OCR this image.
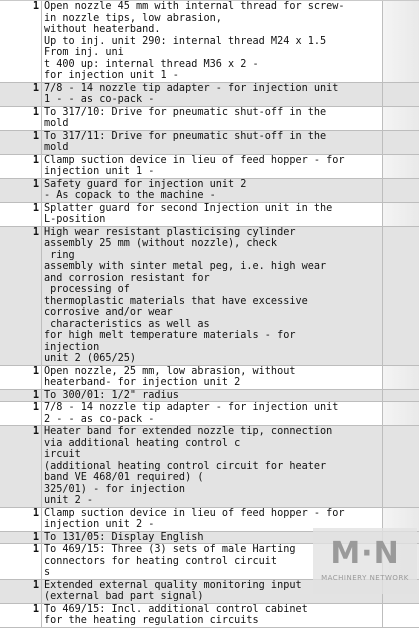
1 Open nozzle 45 mm with internal thread for screw-
in nozzle tips, low abrasion,
without heaterband.
Up to inj. unit 290: internal thread M24 x 1.5
From inj. uni
t 400 up: internal thread M36 x 2 -
for injection unit 1 -
1 7/8 - 14 nozzle tip adapter - for injection unit
1 - - as co-pack -
1 To 317/10: Drive for pneumatic shut-off in the
mold
1 To 317/11: Drive for pneumatic shut-off in the
mold
1 Clamp suction device in lieu of feed hopper - for
injection unit 1 -
1 Safety guard for injection unit 2
- As copack to the machine -
1 Splatter guard for second Injection unit in the
L-position
1 High wear resistant plasticising cylinder
assembly 25 mm (without nozzle), check
ring
assembly with sinter metal peg, i.e. high wear
and corrosion resistant for
processing of
thermoplastic materials that have excessive
corrosive and/or wear
characteristics as well as
for high melt temperature materials - for
injection
unit 2 (065/25)
1 Open nozzle, 25 mm, low abrasion, without
heaterband- for injection unit 2
1 To 300/01: 1/2" radius
1 7/8 - 14 nozzle tip adapter - for injection unit
2 - - as co-pack -
1 Heater band for extended nozzle tip, connection
via additional heating control c
ircuit
(additional heating control circuit for heater
band VE 468/01 required) (
325/01) - for injection
unit 2 -
1 Clamp suction device in lieu of feed hopper - for
injection unit 2 -
1 To 131/05: Display English
1 To 469/15: Three (3) sets of male Harting
connectors for heating control circuit
s
1 Extended external quality monitoring input
(external bad part signal)
1 To 469/15: Incl. additional control cabinet
for the heating regulation circuits
M·N
MACHINERY NETWORK
